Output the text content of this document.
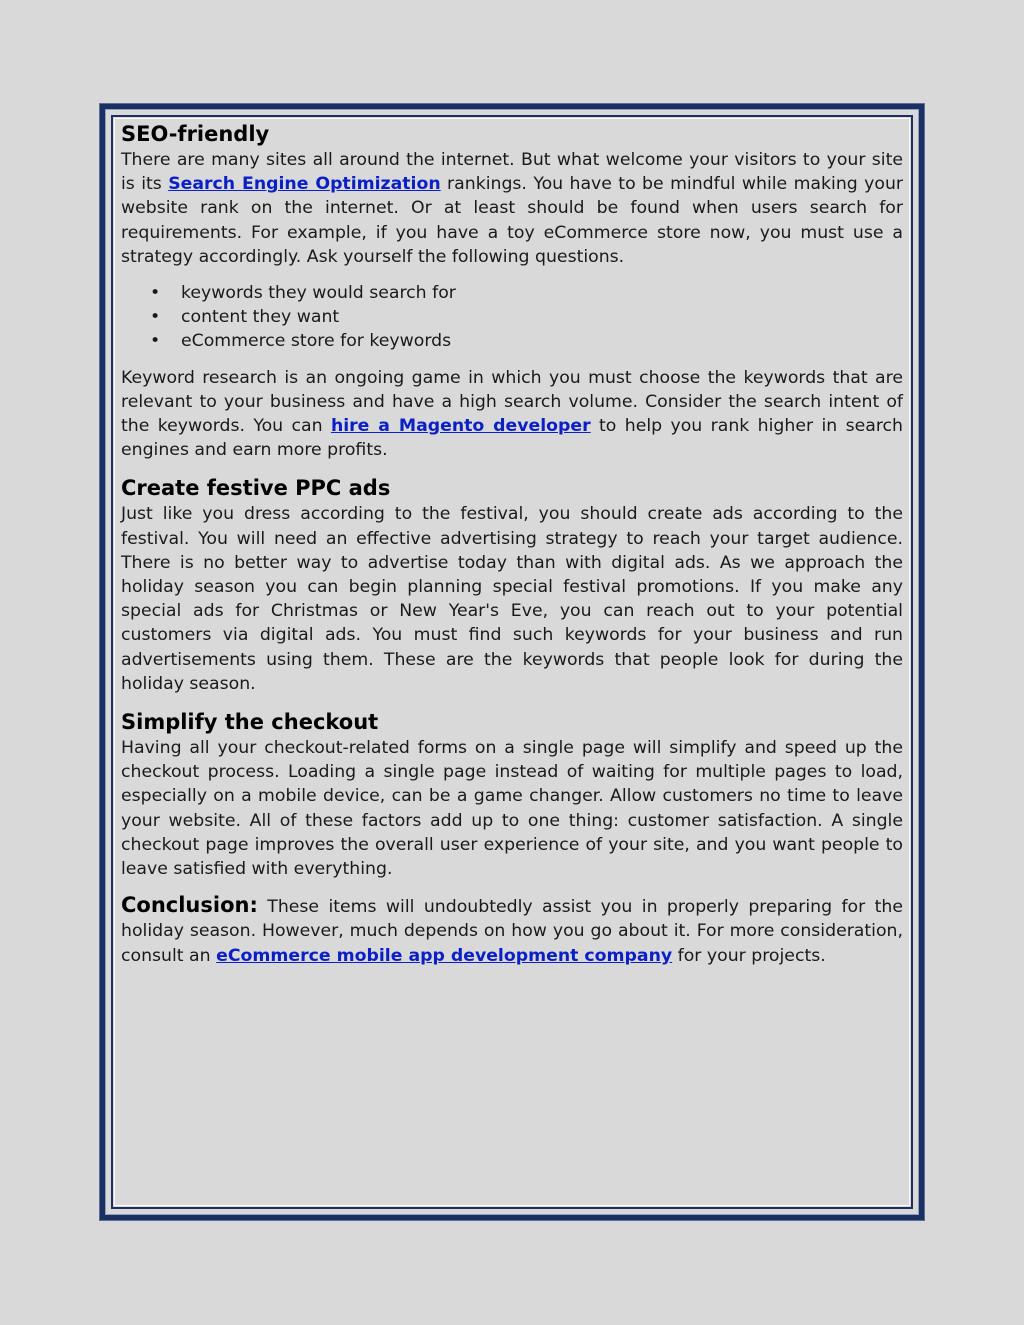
SEO-friendly

There are many sites all around the internet. But what welcome your visitors to your site is its Search Engine Optimization rankings. You have to be mindful while making your website rank on the internet. Or at least should be found when users search for requirements. For example, if you have a toy eCommerce store now, you must use a strategy accordingly. Ask yourself the following questions.

• keywords they would search for
• content they want
• eCommerce store for keywords

Keyword research is an ongoing game in which you must choose the keywords that are relevant to your business and have a high search volume. Consider the search intent of the keywords. You can hire a Magento developer to help you rank higher in search engines and earn more profits.

Create festive PPC ads

Just like you dress according to the festival, you should create ads according to the festival. You will need an effective advertising strategy to reach your target audience. There is no better way to advertise today than with digital ads. As we approach the holiday season you can begin planning special festival promotions. If you make any special ads for Christmas or New Year's Eve, you can reach out to your potential customers via digital ads. You must find such keywords for your business and run advertisements using them. These are the keywords that people look for during the holiday season.

Simplify the checkout

Having all your checkout-related forms on a single page will simplify and speed up the checkout process. Loading a single page instead of waiting for multiple pages to load, especially on a mobile device, can be a game changer. Allow customers no time to leave your website. All of these factors add up to one thing: customer satisfaction. A single checkout page improves the overall user experience of your site, and you want people to leave satisfied with everything.

Conclusion: These items will undoubtedly assist you in properly preparing for the holiday season. However, much depends on how you go about it. For more consideration, consult an eCommerce mobile app development company for your projects.
